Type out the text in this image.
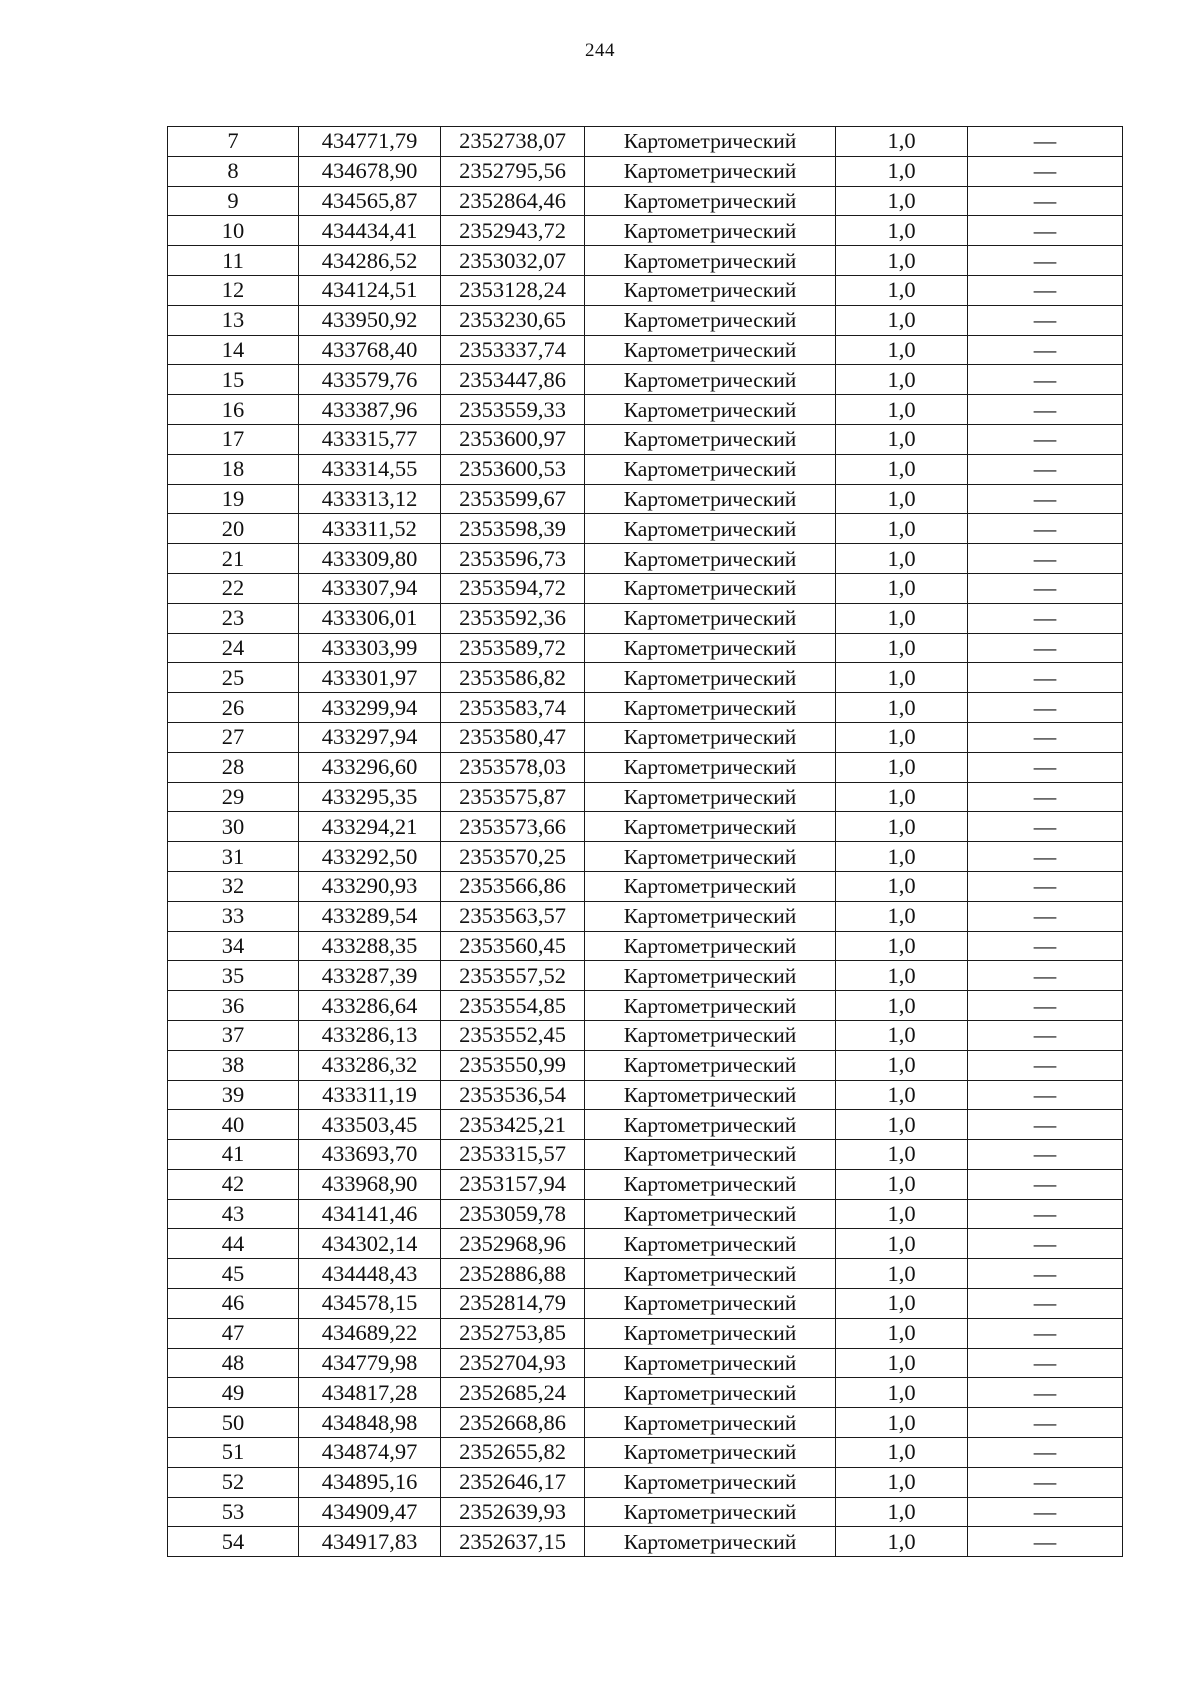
244
7	434771,79	2352738,07	Картометрический	1,0	—
8	434678,90	2352795,56	Картометрический	1,0	—
9	434565,87	2352864,46	Картометрический	1,0	—
10	434434,41	2352943,72	Картометрический	1,0	—
11	434286,52	2353032,07	Картометрический	1,0	—
12	434124,51	2353128,24	Картометрический	1,0	—
13	433950,92	2353230,65	Картометрический	1,0	—
14	433768,40	2353337,74	Картометрический	1,0	—
15	433579,76	2353447,86	Картометрический	1,0	—
16	433387,96	2353559,33	Картометрический	1,0	—
17	433315,77	2353600,97	Картометрический	1,0	—
18	433314,55	2353600,53	Картометрический	1,0	—
19	433313,12	2353599,67	Картометрический	1,0	—
20	433311,52	2353598,39	Картометрический	1,0	—
21	433309,80	2353596,73	Картометрический	1,0	—
22	433307,94	2353594,72	Картометрический	1,0	—
23	433306,01	2353592,36	Картометрический	1,0	—
24	433303,99	2353589,72	Картометрический	1,0	—
25	433301,97	2353586,82	Картометрический	1,0	—
26	433299,94	2353583,74	Картометрический	1,0	—
27	433297,94	2353580,47	Картометрический	1,0	—
28	433296,60	2353578,03	Картометрический	1,0	—
29	433295,35	2353575,87	Картометрический	1,0	—
30	433294,21	2353573,66	Картометрический	1,0	—
31	433292,50	2353570,25	Картометрический	1,0	—
32	433290,93	2353566,86	Картометрический	1,0	—
33	433289,54	2353563,57	Картометрический	1,0	—
34	433288,35	2353560,45	Картометрический	1,0	—
35	433287,39	2353557,52	Картометрический	1,0	—
36	433286,64	2353554,85	Картометрический	1,0	—
37	433286,13	2353552,45	Картометрический	1,0	—
38	433286,32	2353550,99	Картометрический	1,0	—
39	433311,19	2353536,54	Картометрический	1,0	—
40	433503,45	2353425,21	Картометрический	1,0	—
41	433693,70	2353315,57	Картометрический	1,0	—
42	433968,90	2353157,94	Картометрический	1,0	—
43	434141,46	2353059,78	Картометрический	1,0	—
44	434302,14	2352968,96	Картометрический	1,0	—
45	434448,43	2352886,88	Картометрический	1,0	—
46	434578,15	2352814,79	Картометрический	1,0	—
47	434689,22	2352753,85	Картометрический	1,0	—
48	434779,98	2352704,93	Картометрический	1,0	—
49	434817,28	2352685,24	Картометрический	1,0	—
50	434848,98	2352668,86	Картометрический	1,0	—
51	434874,97	2352655,82	Картометрический	1,0	—
52	434895,16	2352646,17	Картометрический	1,0	—
53	434909,47	2352639,93	Картометрический	1,0	—
54	434917,83	2352637,15	Картометрический	1,0	—
